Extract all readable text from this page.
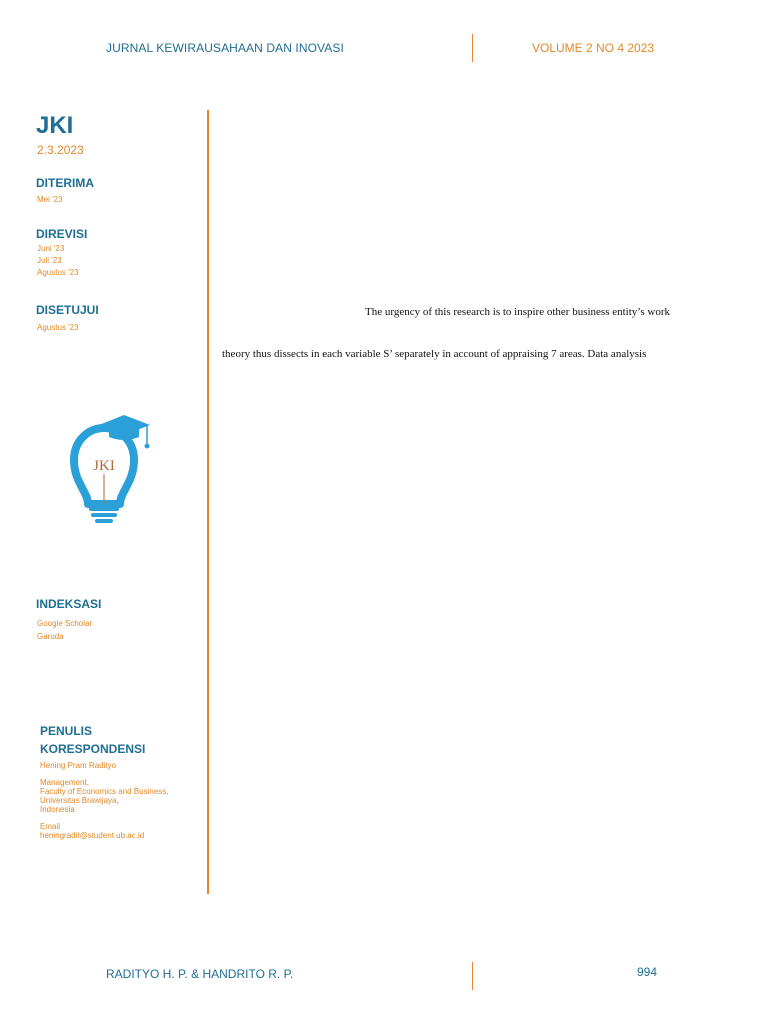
JURNAL KEWIRAUSAHAAN DAN INOVASI	VOLUME 2 NO 4 2023
JKI
2.3.2023
DITERIMA
Mei '23
DIREVISI
Juni '23
Juli '23
Agustus '23
DISETUJUI
Agustus '23
JKI
INDEKSASI
Google Scholar
Garuda
PENULIS
KORESPONDENSI
Hening Pram Radityo
Management,
Faculty of Economics and Business,
Universitas Brawijaya,
Indonesia
Email
heningradit@student.ub.ac.id
The urgency of this research is to inspire other business entity’s work
theory thus dissects in each variable S’ separately in account of appraising 7 areas. Data analysis
RADITYO H. P. & HANDRITO R. P.	994
